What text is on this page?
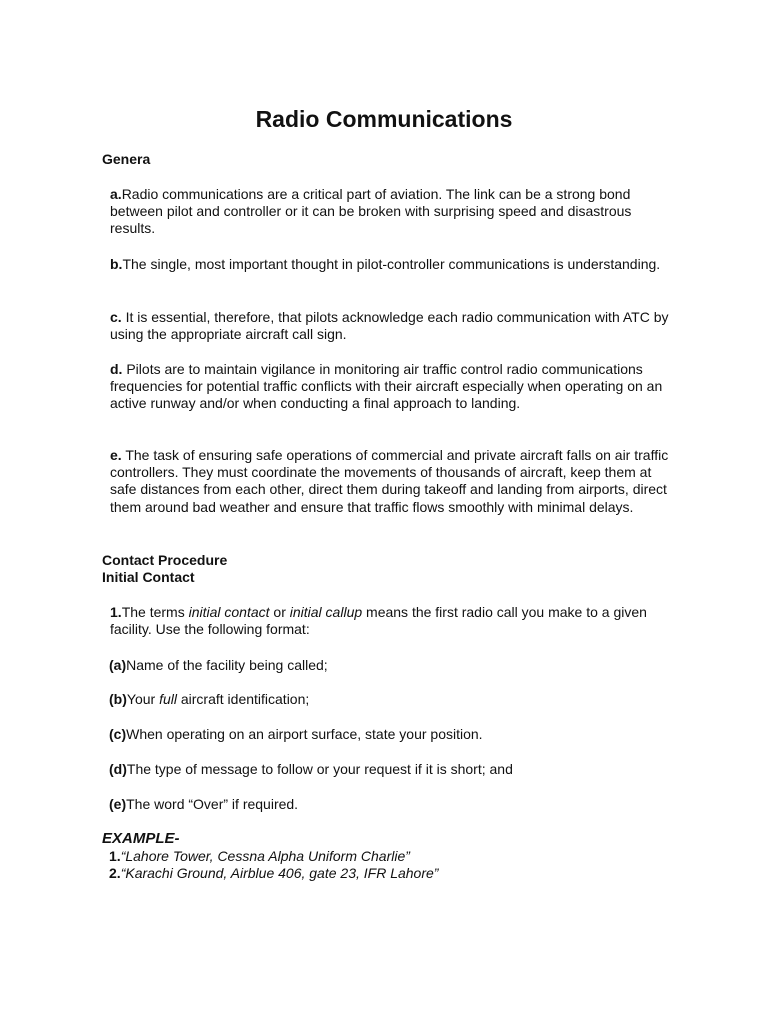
Radio Communications
Genera
a.Radio communications are a critical part of aviation. The link can be a strong bond between pilot and controller or it can be broken with surprising speed and disastrous results.
b.The single, most important thought in pilot-controller communications is understanding.
c. It is essential, therefore, that pilots acknowledge each radio communication with ATC by using the appropriate aircraft call sign.
d. Pilots are to maintain vigilance in monitoring air traffic control radio communications frequencies for potential traffic conflicts with their aircraft especially when operating on an active runway and/or when conducting a final approach to landing.
e. The task of ensuring safe operations of commercial and private aircraft falls on air traffic controllers. They must coordinate the movements of thousands of aircraft, keep them at safe distances from each other, direct them during takeoff and landing from airports, direct them around bad weather and ensure that traffic flows smoothly with minimal delays.
Contact Procedure
Initial Contact
1.The terms initial contact or initial callup means the first radio call you make to a given facility. Use the following format:
(a)Name of the facility being called;
(b)Your full aircraft identification;
(c)When operating on an airport surface, state your position.
(d)The type of message to follow or your request if it is short; and
(e)The word “Over” if required.
EXAMPLE-
1.“Lahore Tower, Cessna Alpha Uniform Charlie”
2.“Karachi Ground, Airblue 406, gate 23, IFR Lahore”
